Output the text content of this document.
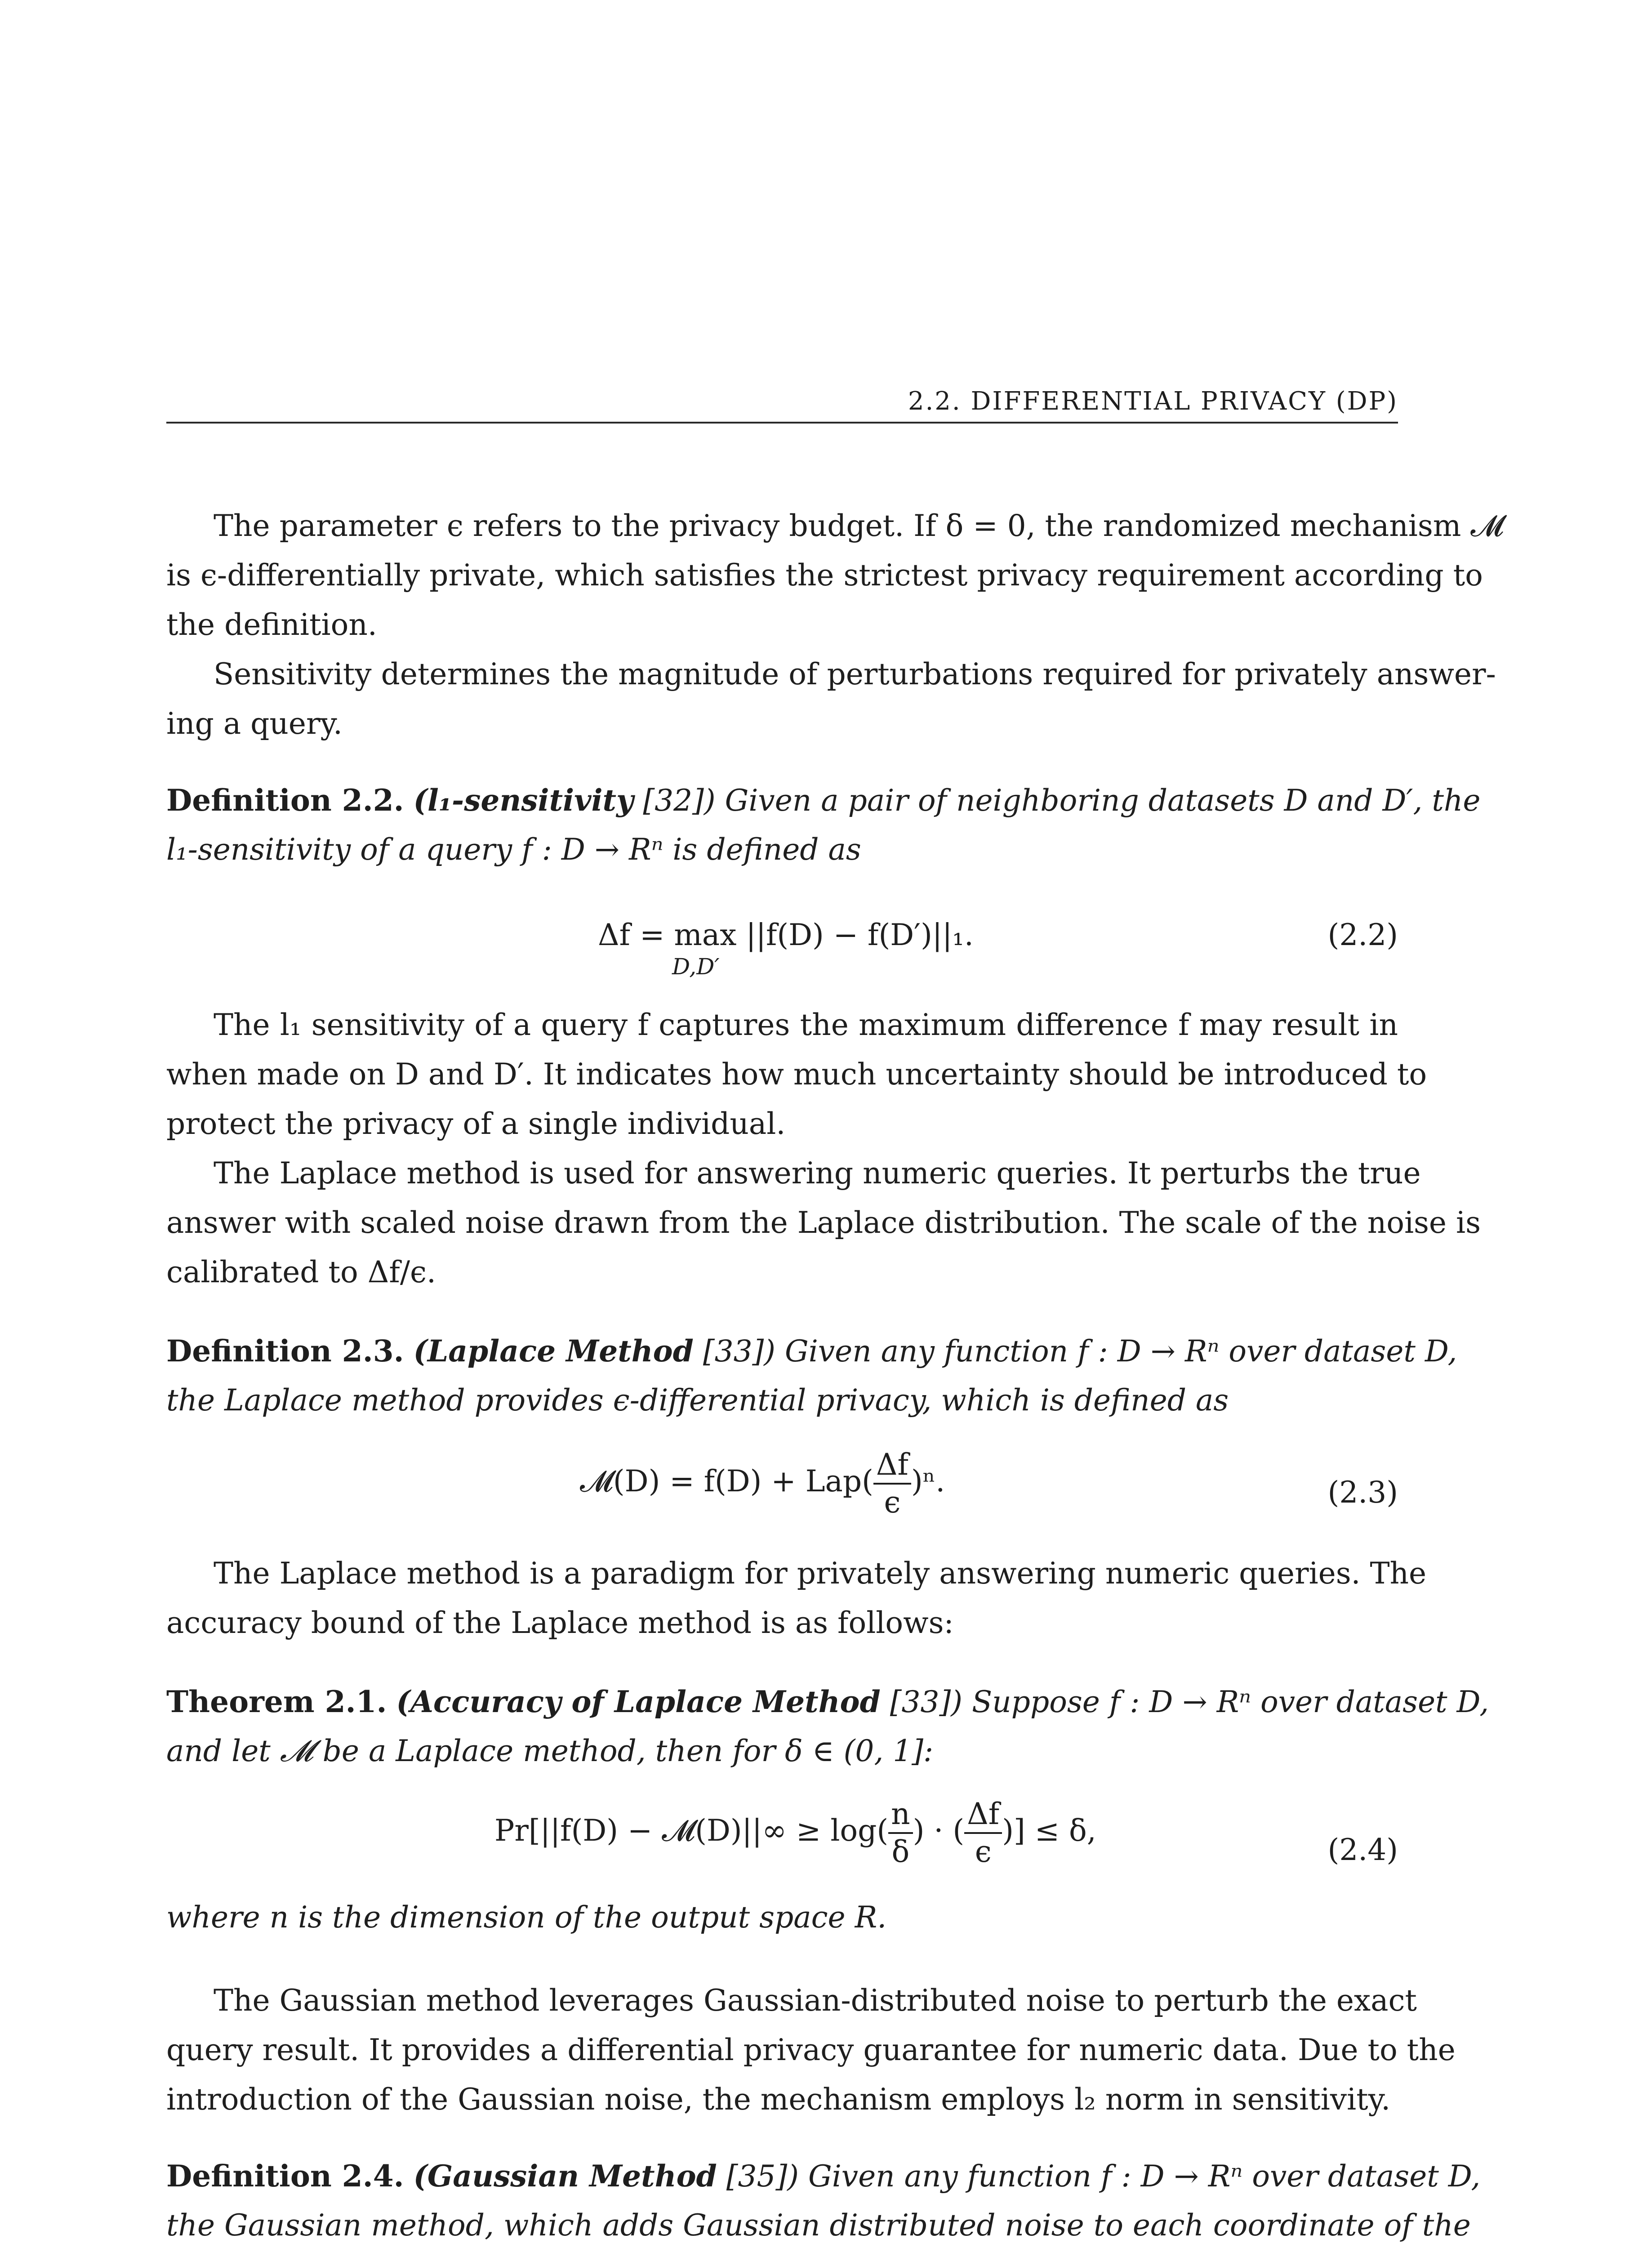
2.2. DIFFERENTIAL PRIVACY (DP)
The parameter ϵ refers to the privacy budget. If δ = 0, the randomized mechanism 𝓜
is ϵ-differentially private, which satisfies the strictest privacy requirement according to
the definition.
Sensitivity determines the magnitude of perturbations required for privately answer-
ing a query.
Definition 2.2. (l₁-sensitivity [32]) Given a pair of neighboring datasets D and D′, the
l₁-sensitivity of a query f : D → Rⁿ is defined as
Δf = max ||f(D) − f(D′)||₁.
D,D′
(2.2)
The l₁ sensitivity of a query f captures the maximum difference f may result in
when made on D and D′. It indicates how much uncertainty should be introduced to
protect the privacy of a single individual.
The Laplace method is used for answering numeric queries. It perturbs the true
answer with scaled noise drawn from the Laplace distribution. The scale of the noise is
calibrated to Δf/ϵ.
Definition 2.3. (Laplace Method [33]) Given any function f : D → Rⁿ over dataset D,
the Laplace method provides ϵ-differential privacy, which is defined as
𝓜(D) = $f(D) + Lap( \frac{\Delta f}{\epsilon} )^n$.	(2.3)
The Laplace method is a paradigm for privately answering numeric queries. The
accuracy bound of the Laplace method is as follows:
Theorem 2.1. (Accuracy of Laplace Method [33]) Suppose f : D → Rⁿ over dataset D,
and let 𝓜 be a Laplace method, then for δ ∈ (0, 1]:
Pr[||f(D) − 𝓜(D)||∞ ≥ $\log( \frac{n}{\delta}$ ) · ( $\frac{\Delta f}{\epsilon}$ )] ≤ δ,
(2.4)
where n is the dimension of the output space R.
The Gaussian method leverages Gaussian-distributed noise to perturb the exact
query result. It provides a differential privacy guarantee for numeric data. Due to the
introduction of the Gaussian noise, the mechanism employs l₂ norm in sensitivity.
Definition 2.4. (Gaussian Method [35]) Given any function f : D → Rⁿ over dataset D,
the Gaussian method, which adds Gaussian distributed noise to each coordinate of the
